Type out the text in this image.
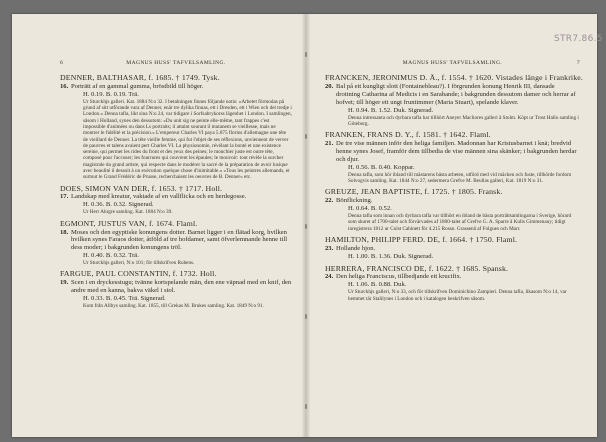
6	MAGNUS HUSS' TAFVELSAMLING.
DENNER, BALTHASAR, f. 1685. † 1749. Tysk.
16. Porträtt af en gammal gumma, bröstbild till höger.
H. 0.19. B. 0.19. Trä.
Ur Sturckhjs galleri. Kat. 1884 N:o 32. I betalningen finnes följande notis: »Arbetet förmodas på grund af sitt utförande vara af Denner, enär tre dylika finnas, ett i Dresden, ett i Wien och det tredje i London.« Denna tafla, likt sina N:o 24, var tidigare i Sorfsabrykorss lägenhet i London. I samlingen, såsom i Holland, synes den dessutom: »Du unit sig ne peinte elle-même, tant frappes c'est impossible d'animées ou dans Ls portraits; il attaint sourant il mutanem se vieillesse, mais ne montrer le fidélité et la précision.« L'empereur Charles VI paya 5.875 florins d'allemagne une tête de vieillard de Denner. La tête vieille femme, qui fut l'objet de ses réflexions, unviennent de verver de pauvres et talens avaient pert Charles VI. La physionomie, révélant la bonté et une existence sereine, qui permet les rides du front et des yeux des peines; le monchier juste est outre tête, composé pour l'accuser; les fourrures qui couvrent les épaules; le mouvoir: tout révèle la surcher magistrale du grand artiste, qui respecte dans le modérer la sacré de la préparation de avoir lusique avec beaulité il dessoit à un exécution quelque chose d'inimitable.» »Tous les peintres allemands, et surtout le Grand Frédéric de Prusse, recherchaient les oeuvres de B. Denner« etc.
DOES, SIMON VAN DER, f. 1653. † 1717. Holl.
17. Landskap med kreatur, vaktade af en vallflicka och en herdegosse.
H. 0.36. B. 0.32. Signerad.
Ur Herr Ahrgre samling. Kat. 1884 N:o 39.
EGMONT, JUSTUS VAN, f. 1674. Flaml.
18. Moses och den egyptiske konungens dotter. Barnet ligger i en flätad korg, hvilken hvilken synes Faraos dotter, åtföld af tre hofdamer, samt öfverlemnande henne till dess moder; i bakgrunden konungens tröl.
H. 0.40. B. 0.32. Trä.
Ur Sturckhjs galleri, N:o 101; för tillskrifven Rubens.
FARGUE, PAUL CONSTANTIN, f. 1732. Holl.
19. Scen i en dryckesstugu; tvänne kortspelande män, den ene väpnad med en knif, den andre med en kanna, bakva väkel i stol.
H. 0.33. B. 0.45. Trä. Signerad.
Kom från Allbys samling. Kat. 1855, till Grekas M. Brukes samling. Kat. 1849 N:o 91.
STR7.86.5
MAGNUS HUSS' TAFVELSAMLING.	7
FRANCKEN, JERONIMUS D. Ä., f. 1554. † 1620. Vistades länge i Frankrike.
20. Bal på ett kungligt slott (Fontainebleau?). I förgrunden konung Henrik III, dansade drottning Catharina af Medicis i en Sarabande; i bakgrunden dessutom damer och herrar af hofvet; till höger ett ungt fruntimmer (Maria Stuart), spelande klaver.
H. 0.94. B. 1.52. Duk. Signerad.
Denna intressanta och dyrbara tafla har tillhört Aneyer Macliores galleri å Stolm. Köpt ur Trost Hallo samling i Göteborg.
FRANKEN, FRANS D. Y., f. 1581. † 1642. Flaml.
21. De tre vise männen inför den heliga familjen. Madonnan har Kristusbarnet i knä; bredvid henne synes Josef, framför dem tillbedia de vise männen sina skänker; i bakgrunden herdar och djur.
H. 0.56. B. 0.40. Koppar.
Denna tafla, som hör ibland till mästarens bästa arbeten, utförd med vid mäcken och fuste, tillhörde fordom Solvogvis samling. Kat. 1844 N:o 27, sedermera Grefve M. Beullas galleri, Kat. 1819 N:o 31.
GREUZE, JEAN BAPTISTE, f. 1725. † 1805. Fransk.
22. Bönflickning.
H. 0.64. B. 0.52.
Denna tafla som innan och dyrbara tafla var tillhört en ibland de bästa porträttsamlingarna i Sverige, hörard som skuret af 1700-talet och förvärvades af 1800-talet af Grefve G. A. Sparre å Kulls Gimmenauy; tidigt inregistrera 1812 ur Colst Cabinett för 4.215 Rossn. Grassenå af Folgues och Marr.
HAMILTON, PHILIPP FERD. DE, f. 1664. † 1750. Flaml.
23. Hollande hjon.
H. 1.00. B. 1.36. Duk. Signerad.
HERRERA, FRANCISCO DE, f. 1622. † 1685. Spansk.
24. Den heliga Franciscus, tillbedjande ett krucifix.
H. 1.06. B. 0.88. Duk.
Ur Sturckhjs galleri, N:o 33, och för tillskrifven Dominichino Zampieri. Denna tafla, likasom N:o 14, var hemmet tär Stalilynes i London och i katalogen beskrifven såsom.
